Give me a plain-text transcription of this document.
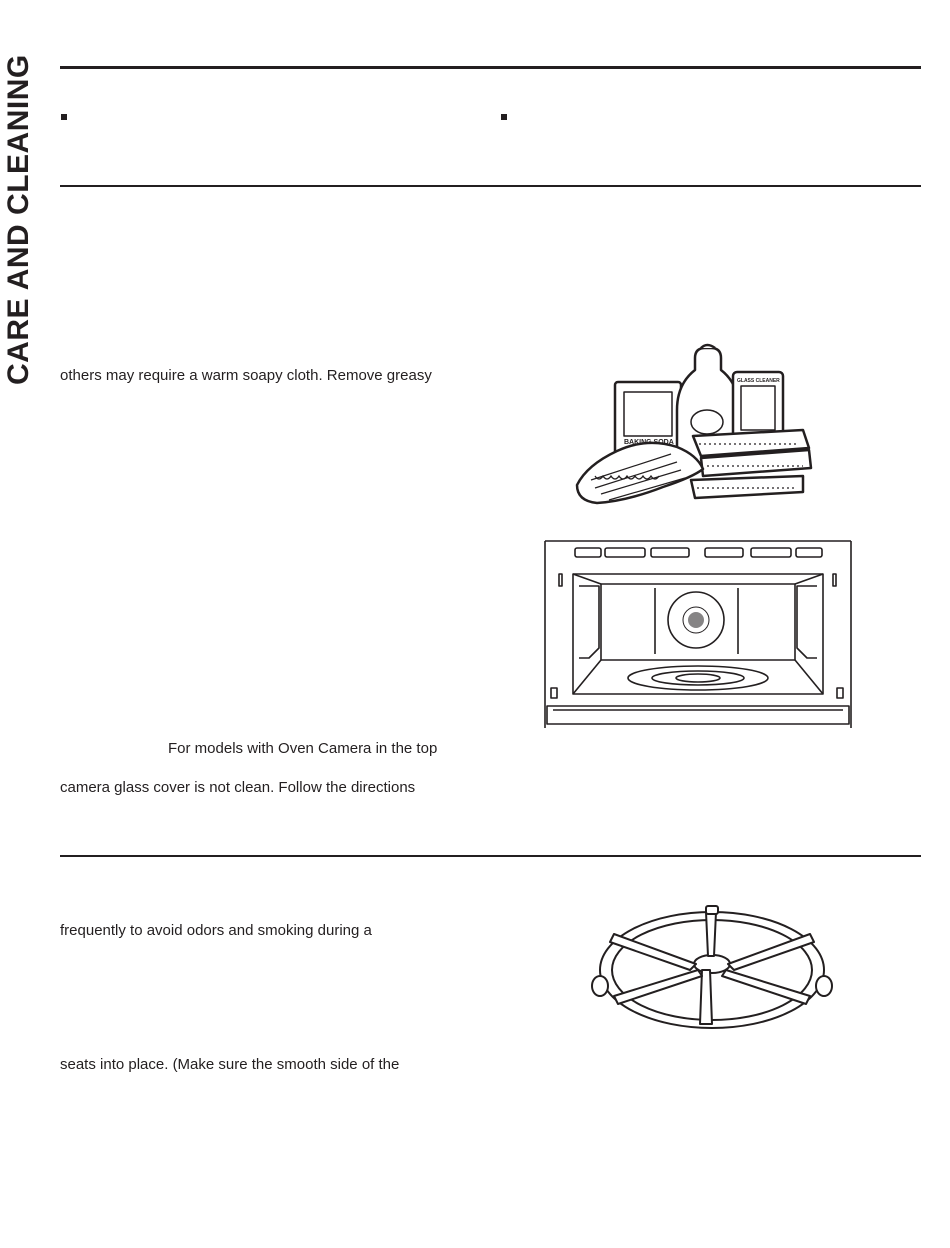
CARE AND CLEANING others may require a warm soapy cloth. Remove greasy
For models with Oven Camera in the top
camera glass cover is not clean. Follow the directions
frequently to avoid odors and smoking during a
seats into place. (Make sure the smooth side of the
BAKING SODA
GLASS CLEANER
